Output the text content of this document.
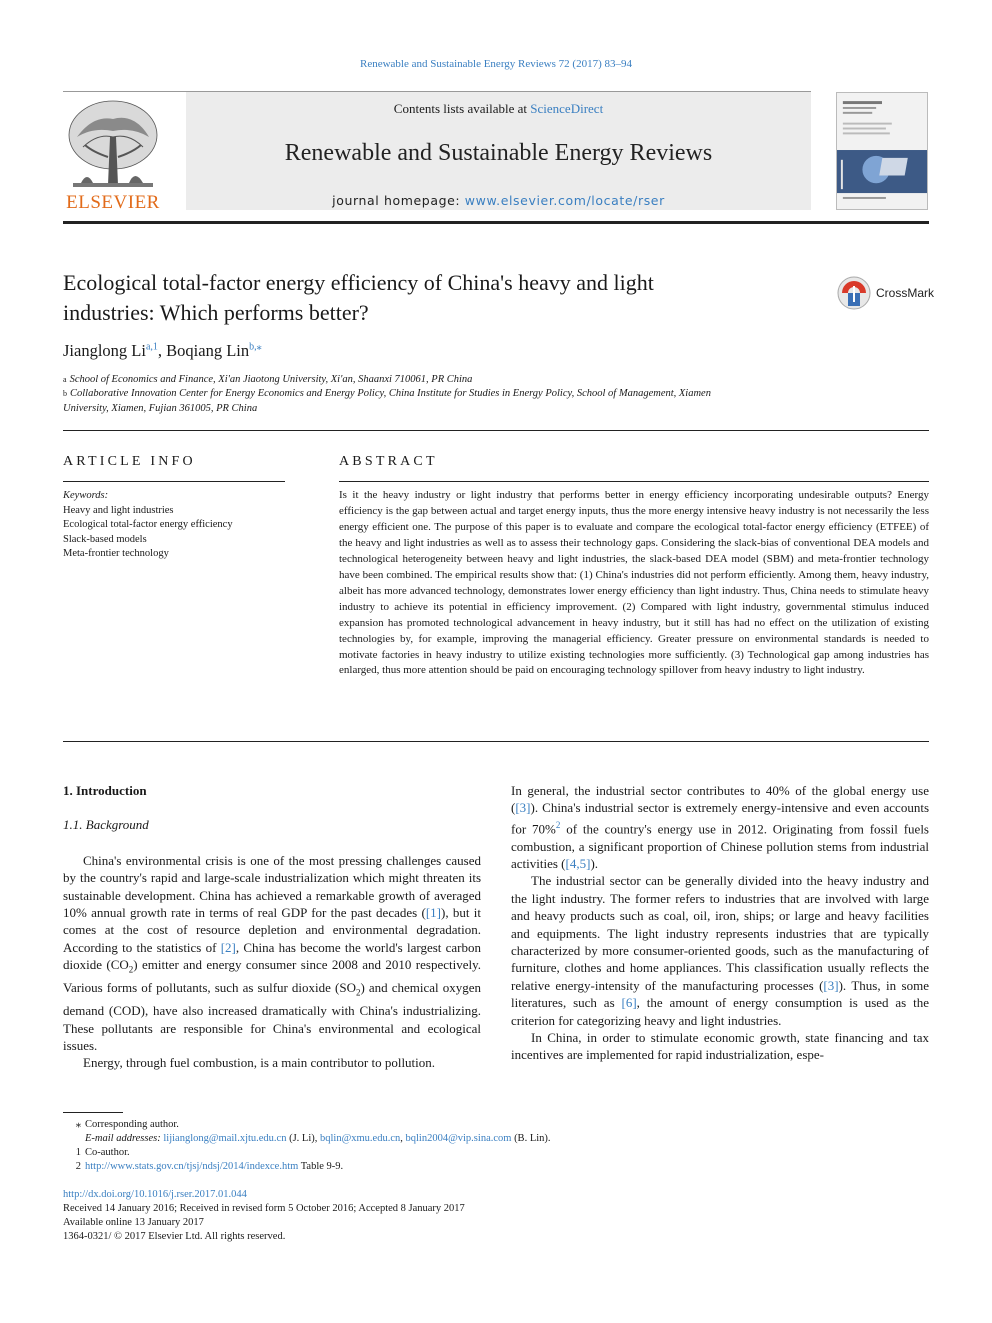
Renewable and Sustainable Energy Reviews 72 (2017) 83–94
Contents lists available at ScienceDirect
Renewable and Sustainable Energy Reviews
journal homepage: www.elsevier.com/locate/rser
ELSEVIER
Ecological total-factor energy efficiency of China's heavy and light
industries: Which performs better?
CrossMark
Jianglong Li$^{a,1}$, Boqiang Lin$^{b,⁎}$
$^a$ School of Economics and Finance, Xi'an Jiaotong University, Xi'an, Shaanxi 710061, PR China
$^b$ Collaborative Innovation Center for Energy Economics and Energy Policy, China Institute for Studies in Energy Policy, School of Management, Xiamen
University, Xiamen, Fujian 361005, PR China
ARTICLE INFO
Keywords:
Heavy and light industries
Ecological total-factor energy efficiency
Slack-based models
Meta-frontier technology
ABSTRACT
Is it the heavy industry or light industry that performs better in energy efficiency incorporating undesirable outputs? Energy efficiency is the gap between actual and target energy inputs, thus the more energy intensive heavy industry is not necessarily the less energy efficient one. The purpose of this paper is to evaluate and compare the ecological total-factor energy efficiency (ETFEE) of the heavy and light industries as well as to assess their technology gaps. Considering the slack-bias of conventional DEA models and technological heterogeneity between heavy and light industries, the slack-based DEA model (SBM) and meta-frontier technology have been combined. The empirical results show that: (1) China's industries did not perform efficiently. Among them, heavy industry, albeit has more advanced technology, demonstrates lower energy efficiency than light industry. Thus, China needs to stimulate heavy industry to achieve its potential in efficiency improvement. (2) Compared with light industry, governmental stimulus induced expansion has promoted technological advancement in heavy industry, but it still has had no effect on the utilization of existing technologies by, for example, improving the managerial efficiency. Greater pressure on environmental standards is needed to motivate factories in heavy industry to utilize existing technologies more sufficiently. (3) Technological gap among industries has enlarged, thus more attention should be paid on encouraging technology spillover from heavy industry to light industry.
1. Introduction
1.1. Background

China's environmental crisis is one of the most pressing challenges caused by the country's rapid and large-scale industrialization which might threaten its sustainable development. China has achieved a remarkable growth of averaged 10% annual growth rate in terms of real GDP for the past decades ([1]), but it comes at the cost of resource depletion and environmental degradation. According to the statistics of [2], China has become the world's largest carbon dioxide $(CO_2)$ emitter and energy consumer since 2008 and 2010 respectively. Various forms of pollutants, such as sulfur dioxide $(SO_2)$ and chemical oxygen demand (COD), have also increased dramatically with China's industrializing. These pollutants are responsible for China's environmental and ecological issues.

Energy, through fuel combustion, is a main contributor to pollution.

In general, the industrial sector contributes to 40% of the global energy use ([3]). China's industrial sector is extremely energy-intensive and even accounts for 70%$^2$ of the country's energy use in 2012. Originating from fossil fuels combustion, a significant proportion of Chinese pollution stems from industrial activities ([4,5]).

The industrial sector can be generally divided into the heavy industry and the light industry. The former refers to industries that are involved with large and heavy products such as coal, oil, iron, ships; or large and heavy facilities and equipments. The light industry represents industries that are typically characterized by more consumer-oriented goods, such as the manufacturing of furniture, clothes and home appliances. This classification usually reflects the relative energy-intensity of the manufacturing processes ([3]). Thus, in some literatures, such as [6], the amount of energy consumption is used as the criterion for categorizing heavy and light industries.

In China, in order to stimulate economic growth, state financing and tax incentives are implemented for rapid industrialization, espe-

⁎ Corresponding author.
E-mail addresses: lijianglong@mail.xjtu.edu.cn (J. Li), bqlin@xmu.edu.cn, bqlin2004@vip.sina.com (B. Lin).
1 Co-author.
2 http://www.stats.gov.cn/tjsj/ndsj/2014/indexce.htm Table 9-9.
http://dx.doi.org/10.1016/j.rser.2017.01.044
Received 14 January 2016; Received in revised form 5 October 2016; Accepted 8 January 2017
Available online 13 January 2017
1364-0321/ © 2017 Elsevier Ltd. All rights reserved.
